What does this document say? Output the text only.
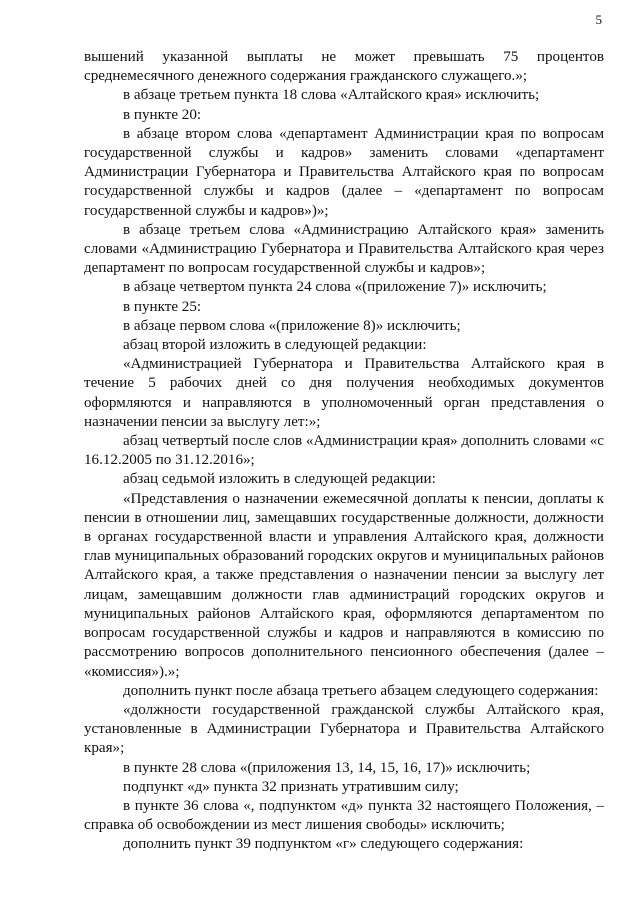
5

вышений указанной выплаты не может превышать 75 процентов среднемесячного денежного содержания гражданского служащего.»;

в абзаце третьем пункта 18 слова «Алтайского края» исключить;

в пункте 20:

в абзаце втором слова «департамент Администрации края по вопросам государственной службы и кадров» заменить словами «департамент Администрации Губернатора и Правительства Алтайского края по вопросам государственной службы и кадров (далее – «департамент по вопросам государственной службы и кадров»)»;

в абзаце третьем слова «Администрацию Алтайского края» заменить словами «Администрацию Губернатора и Правительства Алтайского края через департамент по вопросам государственной службы и кадров»;

в абзаце четвертом пункта 24 слова «(приложение 7)» исключить;

в пункте 25:

в абзаце первом слова «(приложение 8)» исключить;

абзац второй изложить в следующей редакции:

«Администрацией Губернатора и Правительства Алтайского края в течение 5 рабочих дней со дня получения необходимых документов оформляются и направляются в уполномоченный орган представления о назначении пенсии за выслугу лет:»;

абзац четвертый после слов «Администрации края» дополнить словами «с 16.12.2005 по 31.12.2016»;

абзац седьмой изложить в следующей редакции:

«Представления о назначении ежемесячной доплаты к пенсии, доплаты к пенсии в отношении лиц, замещавших государственные должности, должности в органах государственной власти и управления Алтайского края, должности глав муниципальных образований городских округов и муниципальных районов Алтайского края, а также представления о назначении пенсии за выслугу лет лицам, замещавшим должности глав администраций городских округов и муниципальных районов Алтайского края, оформляются департаментом по вопросам государственной службы и кадров и направляются в комиссию по рассмотрению вопросов дополнительного пенсионного обеспечения (далее – «комиссия»).»;

дополнить пункт после абзаца третьего абзацем следующего содержания:

«должности государственной гражданской службы Алтайского края, установленные в Администрации Губернатора и Правительства Алтайского края»;

в пункте 28 слова «(приложения 13, 14, 15, 16, 17)» исключить;

подпункт «д» пункта 32 признать утратившим силу;

в пункте 36 слова «, подпунктом «д» пункта 32 настоящего Положения, – справка об освобождении из мест лишения свободы» исключить;

дополнить пункт 39 подпунктом «г» следующего содержания:
